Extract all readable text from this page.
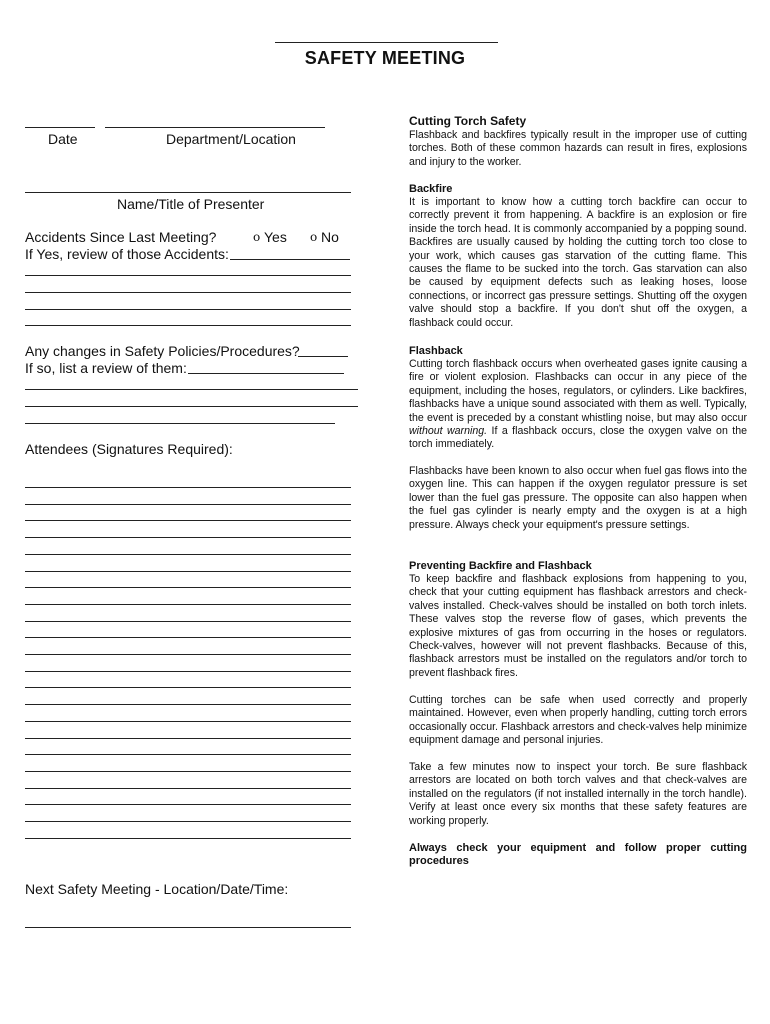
SAFETY MEETING
Date	Department/Location
Name/Title of Presenter
Accidents Since Last Meeting?	o Yes o No
If Yes, review of those Accidents:
Any changes in Safety Policies/Procedures?
If so, list a review of them:
Attendees (Signatures Required):
Next Safety Meeting - Location/Date/Time:
Cutting Torch Safety

Flashback and backfires typically result in the improper use of cutting torches. Both of these common hazards can result in fires, explosions and injury to the worker.

Backfire

It is important to know how a cutting torch backfire can occur to correctly prevent it from happening. A backfire is an explosion or fire inside the torch head. It is commonly accompanied by a popping sound. Backfires are usually caused by holding the cutting torch too close to your work, which causes gas starvation of the cutting flame. This causes the flame to be sucked into the torch. Gas starvation can also be caused by equipment defects such as leaking hoses, loose connections, or incorrect gas pressure settings. Shutting off the oxygen valve should stop a backfire. If you don't shut off the oxygen, a flashback could occur.

Flashback

Cutting torch flashback occurs when overheated gases ignite causing a fire or violent explosion. Flashbacks can occur in any piece of the equipment, including the hoses, regulators, or cylinders. Like backfires, flashbacks have a unique sound associated with them as well. Typically, the event is preceded by a constant whistling noise, but may also occur without warning. If a flashback occurs, close the oxygen valve on the torch immediately.

Flashbacks have been known to also occur when fuel gas flows into the oxygen line. This can happen if the oxygen regulator pressure is set lower than the fuel gas pressure. The opposite can also happen when the fuel gas cylinder is nearly empty and the oxygen is at a high pressure. Always check your equipment's pressure settings.

Preventing Backfire and Flashback

To keep backfire and flashback explosions from happening to you, check that your cutting equipment has flashback arrestors and check-valves installed. Check-valves should be installed on both torch inlets. These valves stop the reverse flow of gases, which prevents the explosive mixtures of gas from occurring in the hoses or regulators. Check-valves, however will not prevent flashbacks. Because of this, flashback arrestors must be installed on the regulators and/or torch to prevent flashback fires.

Cutting torches can be safe when used correctly and properly maintained. However, even when properly handling, cutting torch errors occasionally occur. Flashback arrestors and check-valves help minimize equipment damage and personal injuries.

Take a few minutes now to inspect your torch. Be sure flashback arrestors are located on both torch valves and that check-valves are installed on the regulators (if not installed internally in the torch handle). Verify at least once every six months that these safety features are working properly.

Always check your equipment and follow proper cutting procedures
